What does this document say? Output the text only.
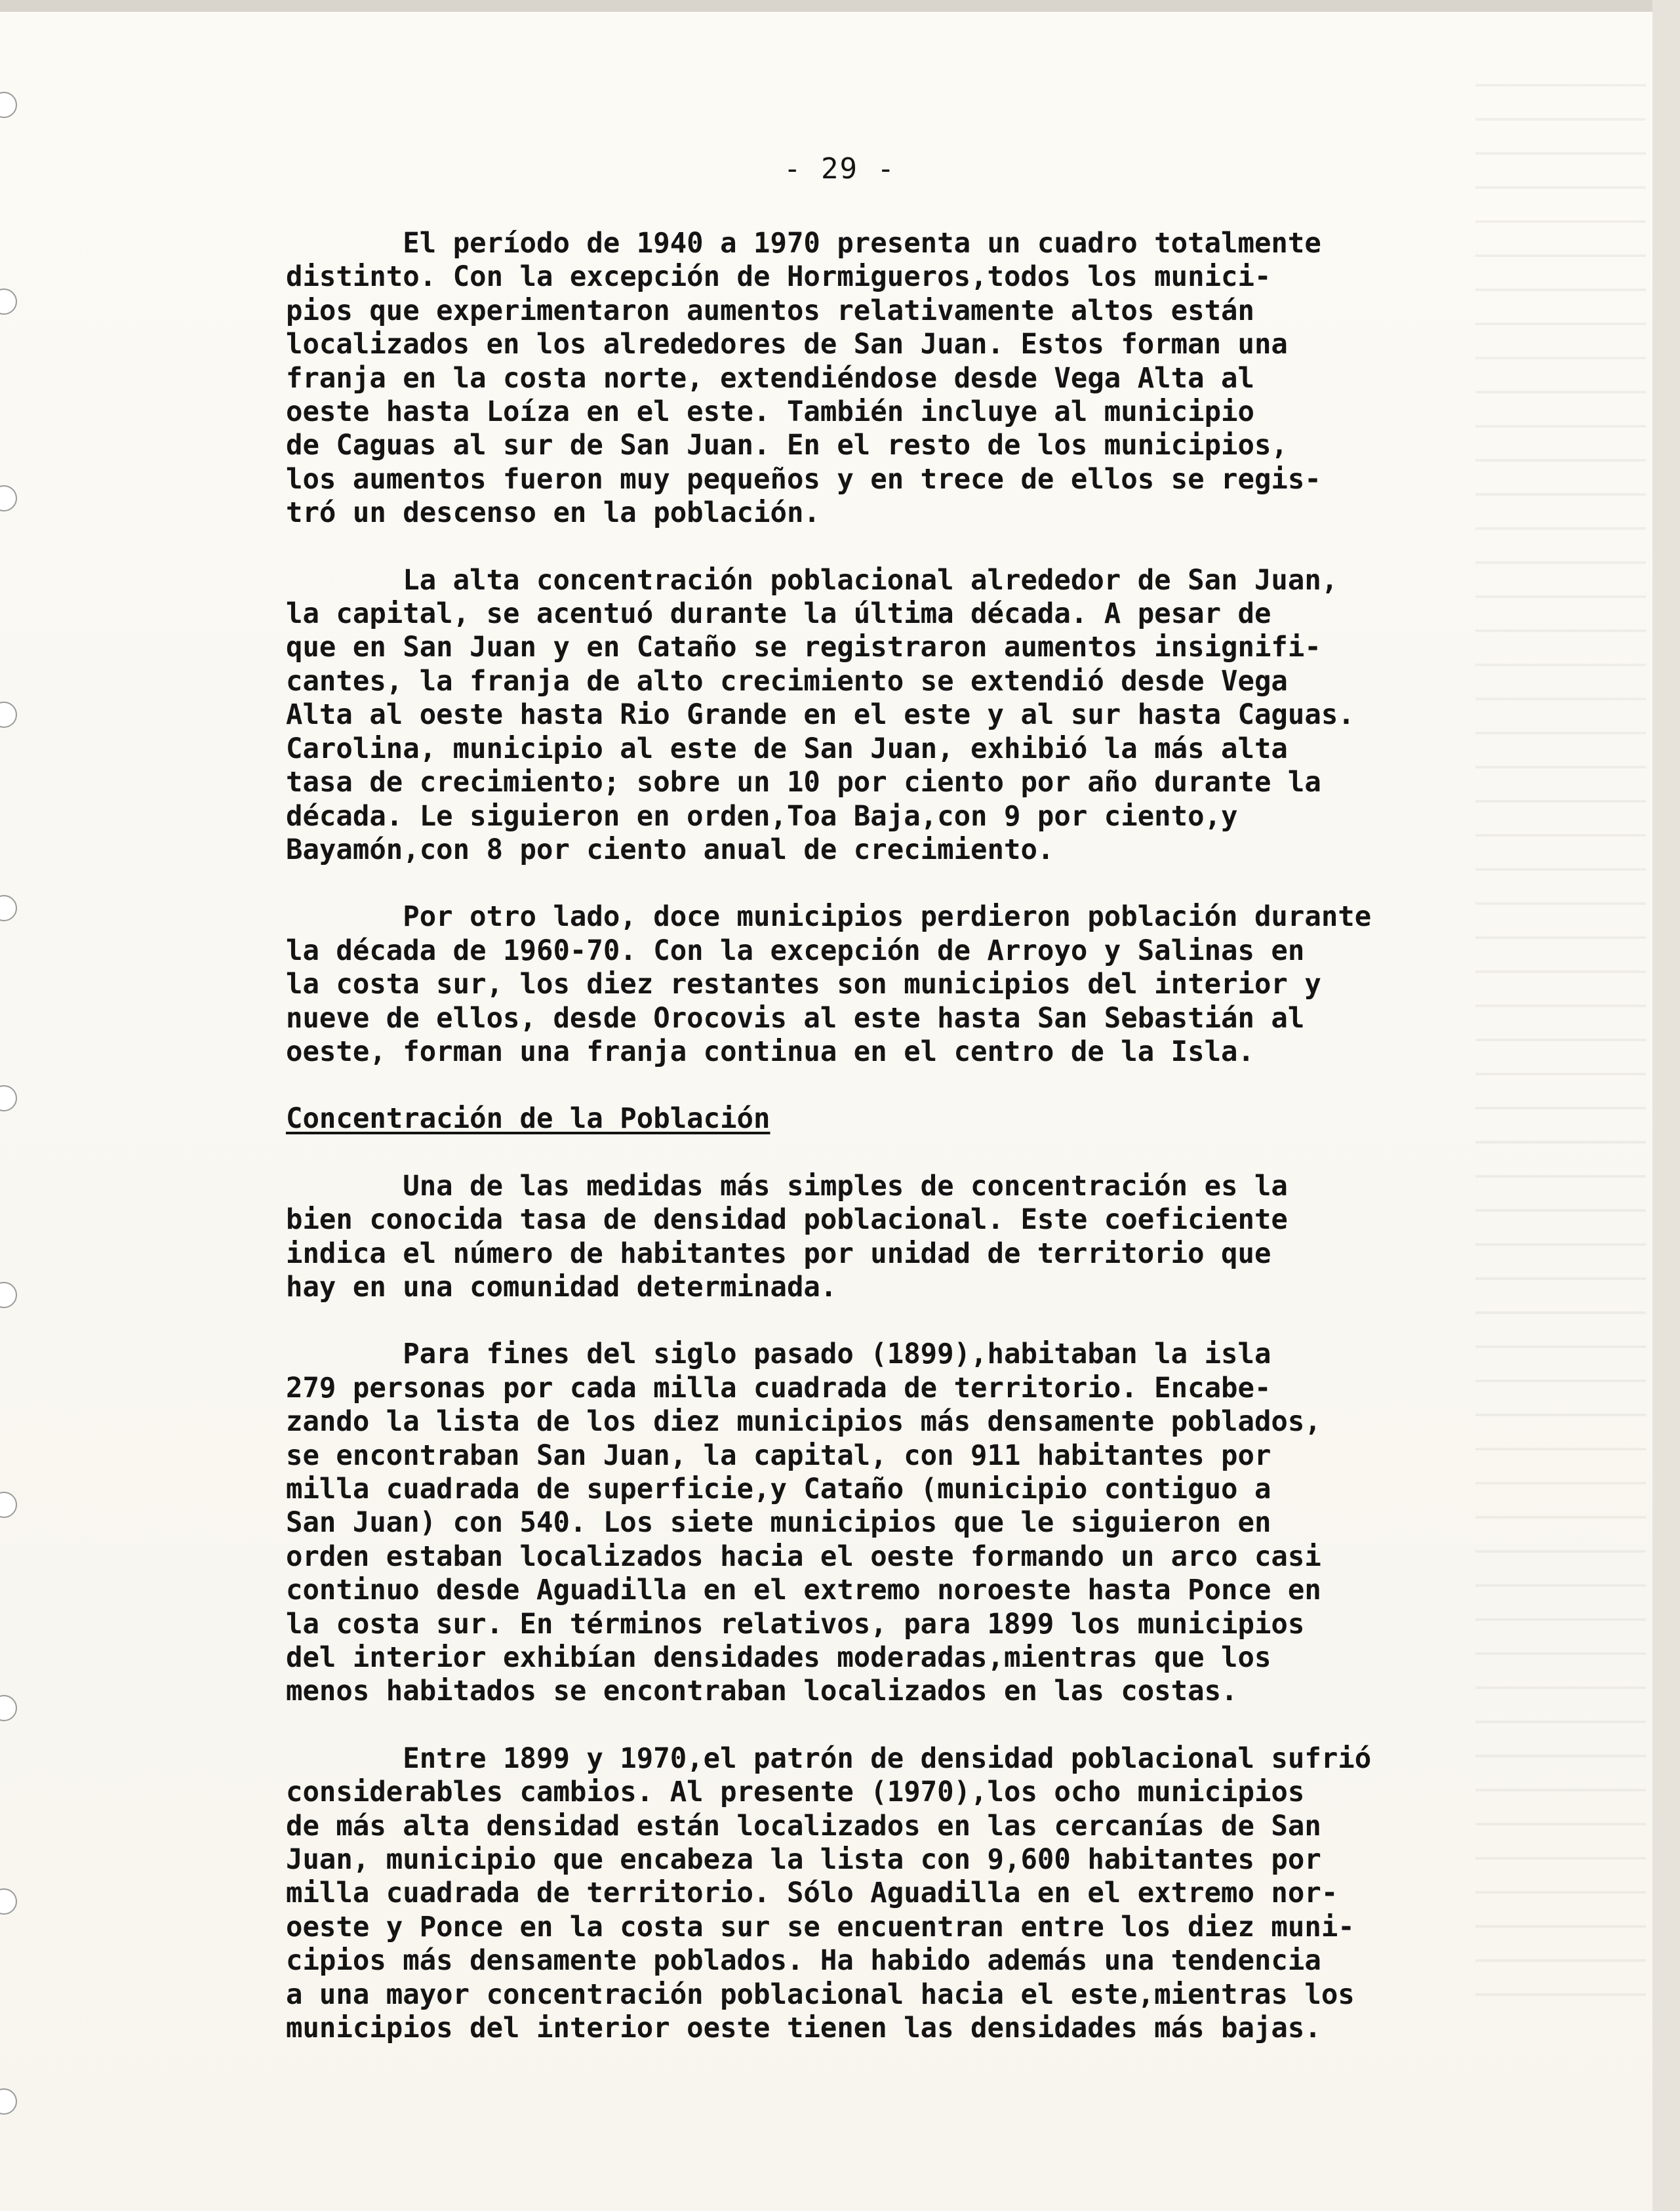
- 29 -
El período de 1940 a 1970 presenta un cuadro totalmente
distinto. Con la excepción de Hormigueros,todos los munici-
pios que experimentaron aumentos relativamente altos están
localizados en los alrededores de San Juan. Estos forman una
franja en la costa norte, extendiéndose desde Vega Alta al
oeste hasta Loíza en el este. También incluye al municipio
de Caguas al sur de San Juan. En el resto de los municipios,
los aumentos fueron muy pequeños y en trece de ellos se regis-
tró un descenso en la población.
La alta concentración poblacional alrededor de San Juan,
la capital, se acentuó durante la última década. A pesar de
que en San Juan y en Cataño se registraron aumentos insignifi-
cantes, la franja de alto crecimiento se extendió desde Vega
Alta al oeste hasta Rio Grande en el este y al sur hasta Caguas.
Carolina, municipio al este de San Juan, exhibió la más alta
tasa de crecimiento; sobre un 10 por ciento por año durante la
década. Le siguieron en orden,Toa Baja,con 9 por ciento,y
Bayamón,con 8 por ciento anual de crecimiento.
Por otro lado, doce municipios perdieron población durante
la década de 1960-70. Con la excepción de Arroyo y Salinas en
la costa sur, los diez restantes son municipios del interior y
nueve de ellos, desde Orocovis al este hasta San Sebastián al
oeste, forman una franja continua en el centro de la Isla.
Concentración de la Población
Una de las medidas más simples de concentración es la
bien conocida tasa de densidad poblacional. Este coeficiente
indica el número de habitantes por unidad de territorio que
hay en una comunidad determinada.
Para fines del siglo pasado (1899),habitaban la isla
279 personas por cada milla cuadrada de territorio. Encabe-
zando la lista de los diez municipios más densamente poblados,
se encontraban San Juan, la capital, con 911 habitantes por
milla cuadrada de superficie,y Cataño (municipio contiguo a
San Juan) con 540. Los siete municipios que le siguieron en
orden estaban localizados hacia el oeste formando un arco casi
continuo desde Aguadilla en el extremo noroeste hasta Ponce en
la costa sur. En términos relativos, para 1899 los municipios
del interior exhibían densidades moderadas,mientras que los
menos habitados se encontraban localizados en las costas.
Entre 1899 y 1970,el patrón de densidad poblacional sufrió
considerables cambios. Al presente (1970),los ocho municipios
de más alta densidad están localizados en las cercanías de San
Juan, municipio que encabeza la lista con 9,600 habitantes por
milla cuadrada de territorio. Sólo Aguadilla en el extremo nor-
oeste y Ponce en la costa sur se encuentran entre los diez muni-
cipios más densamente poblados. Ha habido además una tendencia
a una mayor concentración poblacional hacia el este,mientras los
municipios del interior oeste tienen las densidades más bajas.
